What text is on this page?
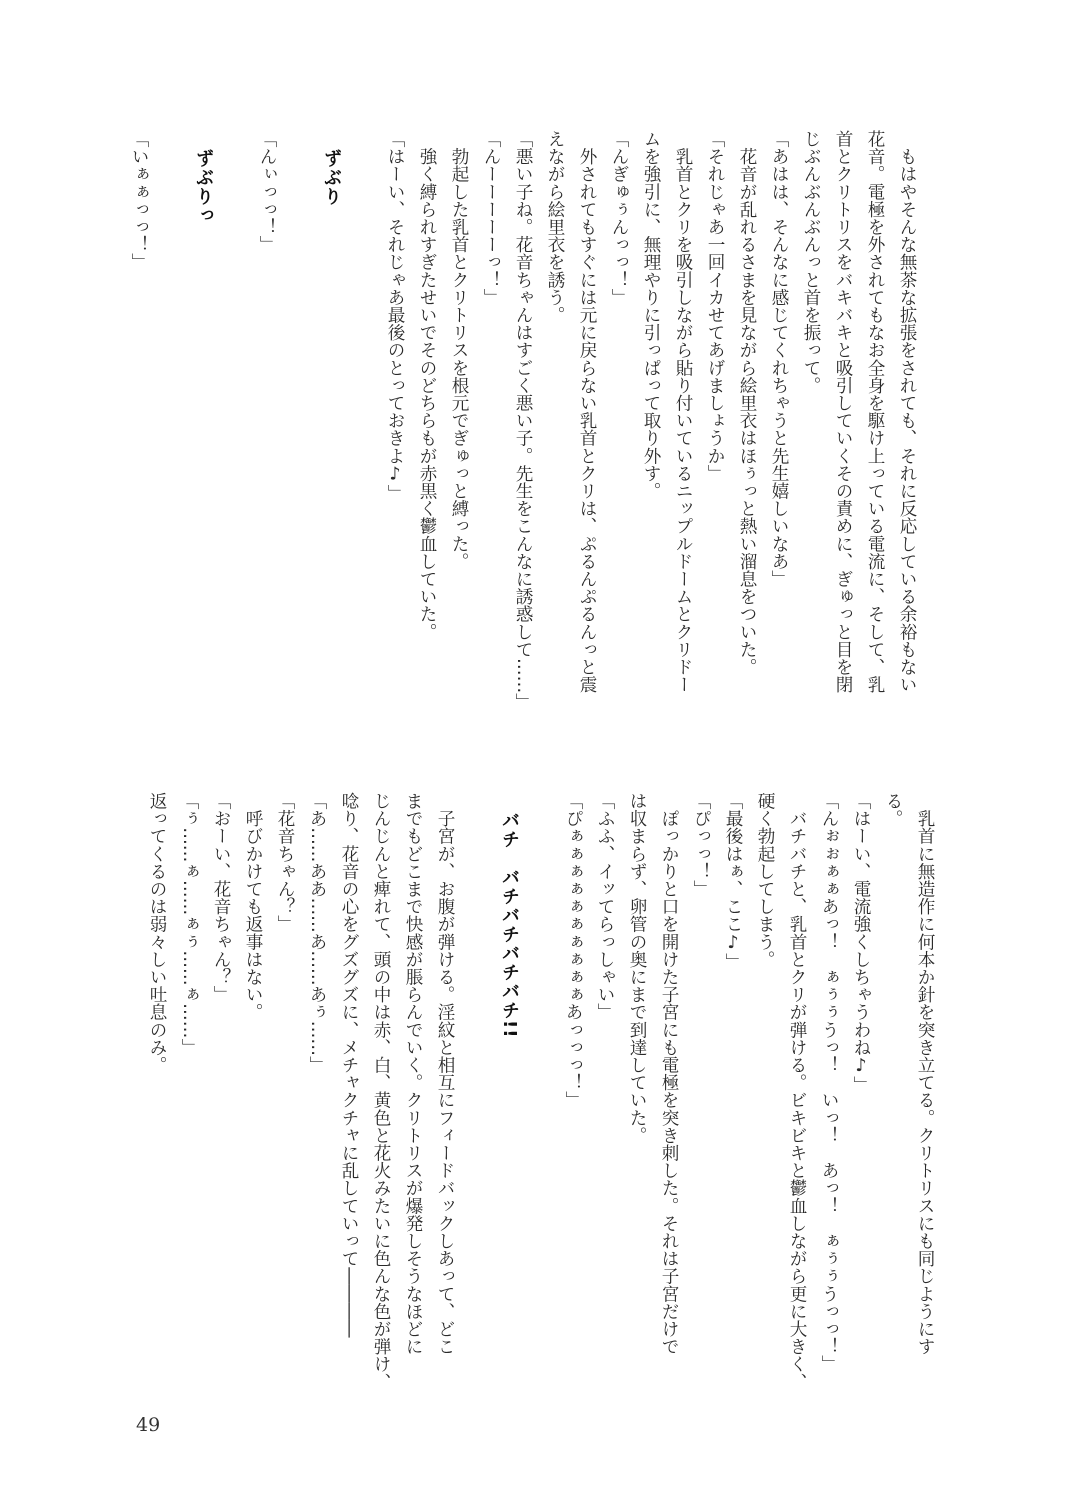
　もはやそんな無茶な拡張をされても、それに反応している余裕もない
花音。電極を外されてもなお全身を駆け上っている電流に、そして、乳
首とクリトリスをバキバキと吸引していくその責めに、ぎゅっと目を閉
じぶんぶんぶんっと首を振って。
「あはは、そんなに感じてくれちゃうと先生嬉しいなあ」
　花音が乱れるさまを見ながら絵里衣はほぅっと熱い溜息をついた。
「それじゃあ一回イカせてあげましょうか」
　乳首とクリを吸引しながら貼り付いているニップルドームとクリドー
ムを強引に、無理やりに引っぱって取り外す。
「んぎゅぅんっっ！」
　外されてもすぐには元に戻らない乳首とクリは、ぷるんぷるんっと震
えながら絵里衣を誘う。
「悪い子ね。花音ちゃんはすごく悪い子。先生をこんなに誘惑して……」
「んーーーーーっ！」
　勃起した乳首とクリトリスを根元でぎゅっと縛った。
　強く縛られすぎたせいでそのどちらもが赤黒く鬱血していた。
「はーい、それじゃあ最後のとっておきよ♪」
　ずぶり
「んぃっっ！」
　ずぶりっ
「いぁぁっっ！」
　乳首に無造作に何本か針を突き立てる。クリトリスにも同じようにす
る。
「はーい、電流強くしちゃうわね♪」
「んぉぉぁぁあっ！　ぁぅぅうっ！　いっ！　あっ！　ぁぅぅうっっ！」
　バチバチと、乳首とクリが弾ける。ビキビキと鬱血しながら更に大きく、
硬く勃起してしまう。
「最後はぁ、ここ♪」
「ぴっっ！」
　ぽっかりと口を開けた子宮にも電極を突き刺した。それは子宮だけで
は収まらず、卵管の奥にまで到達していた。
「ふふ、イッてらっしゃい」
「ぴぁぁぁぁぁぁぁぁぁぁあっっっ！」
　バチ　バチバチバチバチ!!
　子宮が、お腹が弾ける。淫紋と相互にフィードバックしあって、どこ
までもどこまで快感が脹らんでいく。クリトリスが爆発しそうなほどに
じんじんと痺れて、頭の中は赤、白、黄色と花火みたいに色んな色が弾け、
唸り、花音の心をグズグズに、メチャクチャに乱していって――――
「あ……ああ……あ……あぅ……」
「花音ちゃん？」
　呼びかけても返事はない。
「おーい、花音ちゃん？」
「ぅ……ぁ……ぁぅ……ぁ……」
返ってくるのは弱々しい吐息のみ。
49
